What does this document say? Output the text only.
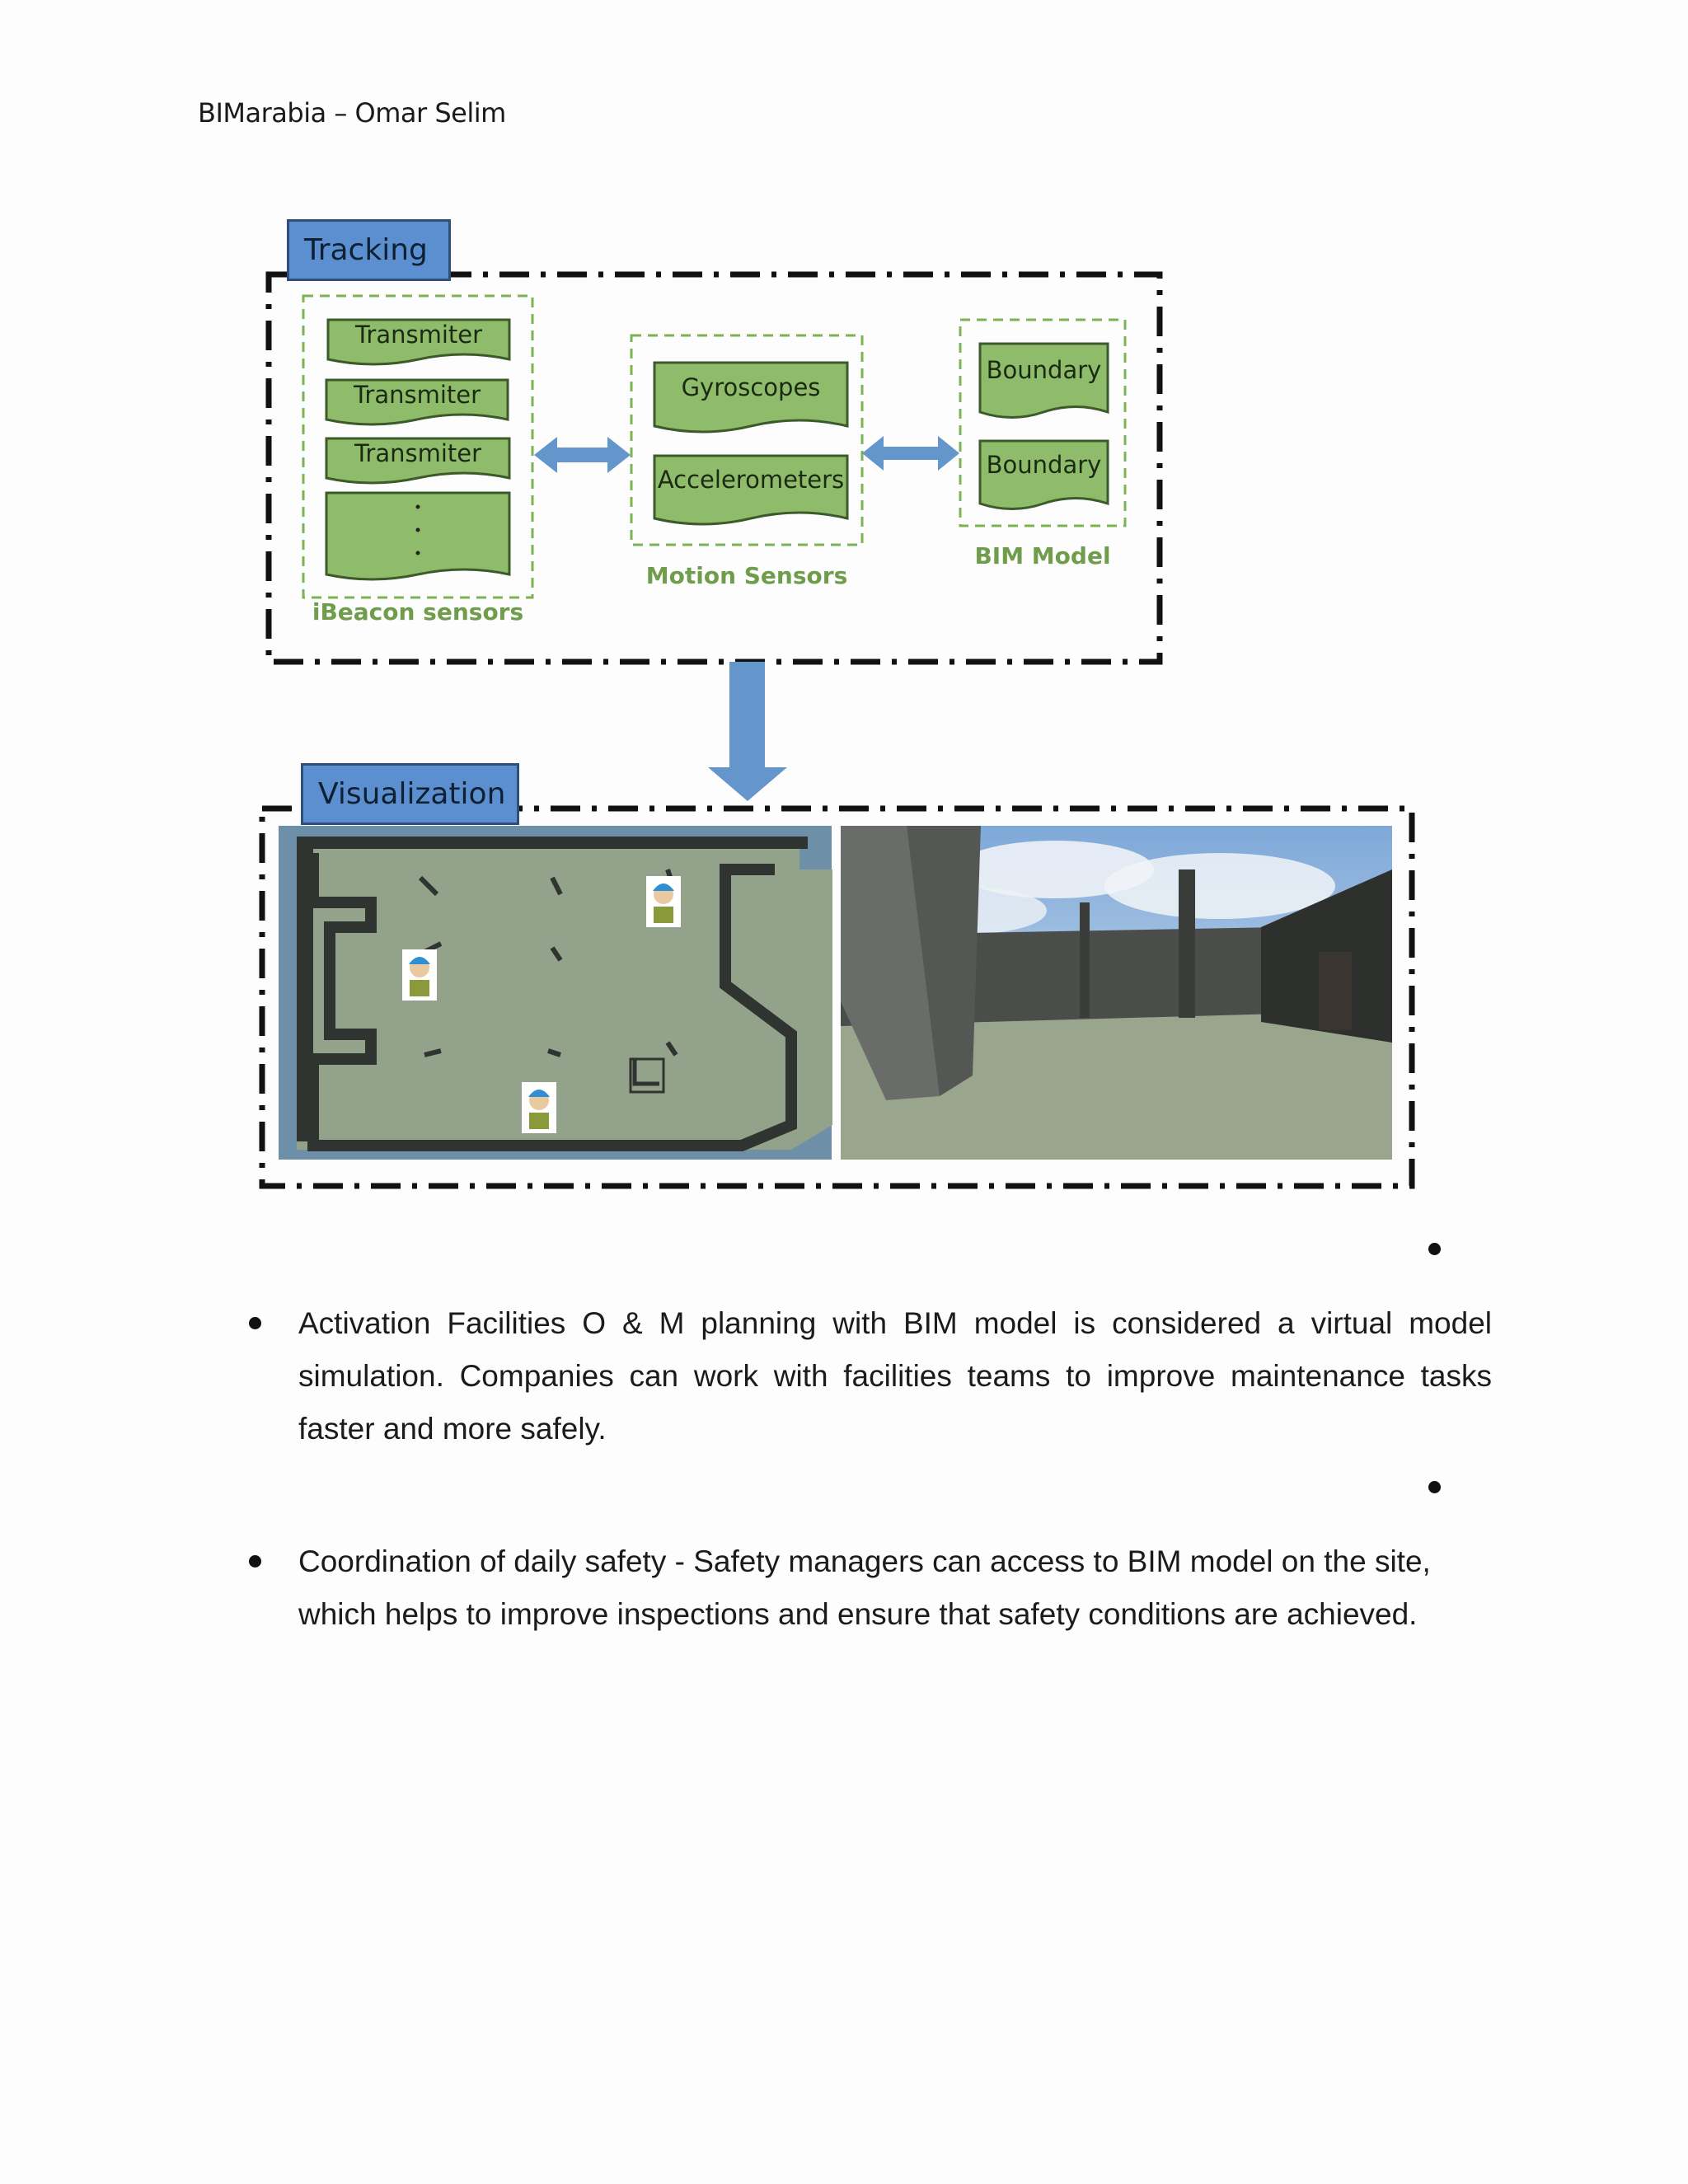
BIMarabia – Omar Selim
Tracking
Visualization
Transmiter
Transmiter
Transmiter
Gyroscopes
Accelerometers
Boundary
Boundary
iBeacon sensors
Motion Sensors
BIM Model
Activation Facilities O & M planning with BIM model is considered a virtual model simulation. Companies can work with facilities teams to improve maintenance tasks faster and more safely.
Coordination of daily safety - Safety managers can access to BIM model on the site, which helps to improve inspections and ensure that safety conditions are achieved.
